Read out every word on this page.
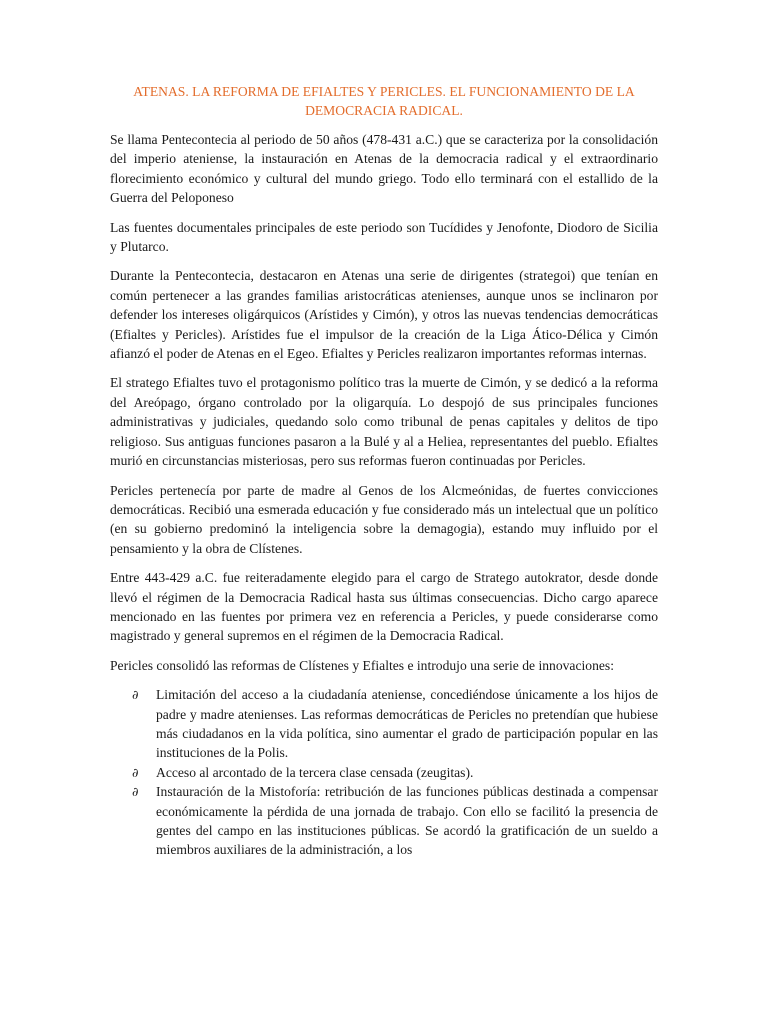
ATENAS. LA REFORMA DE EFIALTES Y PERICLES. EL FUNCIONAMIENTO DE LA DEMOCRACIA RADICAL.

Se llama Pentecontecia al periodo de 50 años (478-431 a.C.) que se caracteriza por la consolidación del imperio ateniense, la instauración en Atenas de la democracia radical y el extraordinario florecimiento económico y cultural del mundo griego. Todo ello terminará con el estallido de la Guerra del Peloponeso

Las fuentes documentales principales de este periodo son Tucídides y Jenofonte, Diodoro de Sicilia y Plutarco.

Durante la Pentecontecia, destacaron en Atenas una serie de dirigentes (strategoi) que tenían en común pertenecer a las grandes familias aristocráticas atenienses, aunque unos se inclinaron por defender los intereses oligárquicos (Arístides y Cimón), y otros las nuevas tendencias democráticas (Efialtes y Pericles). Arístides fue el impulsor de la creación de la Liga Ático-Délica y Cimón afianzó el poder de Atenas en el Egeo. Efialtes y Pericles realizaron importantes reformas internas.

El stratego Efialtes tuvo el protagonismo político tras la muerte de Cimón, y se dedicó a la reforma del Areópago, órgano controlado por la oligarquía. Lo despojó de sus principales funciones administrativas y judiciales, quedando solo como tribunal de penas capitales y delitos de tipo religioso. Sus antiguas funciones pasaron a la Bulé y al a Heliea, representantes del pueblo. Efialtes murió en circunstancias misteriosas, pero sus reformas fueron continuadas por Pericles.

Pericles pertenecía por parte de madre al Genos de los Alcmeónidas, de fuertes convicciones democráticas. Recibió una esmerada educación y fue considerado más un intelectual que un político (en su gobierno predominó la inteligencia sobre la demagogia), estando muy influido por el pensamiento y la obra de Clístenes.

Entre 443-429 a.C. fue reiteradamente elegido para el cargo de Stratego autokrator, desde donde llevó el régimen de la Democracia Radical hasta sus últimas consecuencias. Dicho cargo aparece mencionado en las fuentes por primera vez en referencia a Pericles, y puede considerarse como magistrado y general supremos en el régimen de la Democracia Radical.

Pericles consolidó las reformas de Clístenes y Efialtes e introdujo una serie de innovaciones:

∂ Limitación del acceso a la ciudadanía ateniense, concediéndose únicamente a los hijos de padre y madre atenienses. Las reformas democráticas de Pericles no pretendían que hubiese más ciudadanos en la vida política, sino aumentar el grado de participación popular en las instituciones de la Polis.
∂ Acceso al arcontado de la tercera clase censada (zeugitas).
∂ Instauración de la Mistoforía: retribución de las funciones públicas destinada a compensar económicamente la pérdida de una jornada de trabajo. Con ello se facilitó la presencia de gentes del campo en las instituciones públicas. Se acordó la gratificación de un sueldo a miembros auxiliares de la administración, a los
